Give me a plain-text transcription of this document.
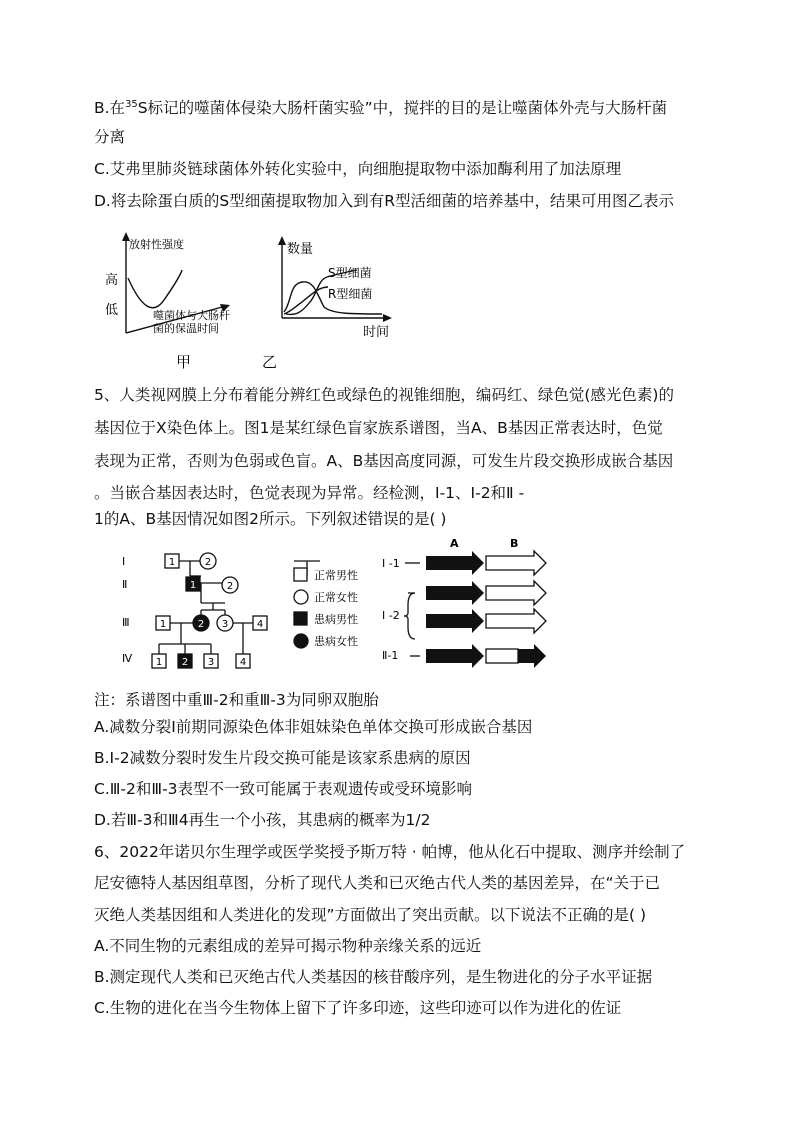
B.在$^{35}$S标记的噬菌体侵染大肠杆菌实验”中，搅拌的目的是让噬菌体外壳与大肠杆菌
分离
C.艾弗里肺炎链球菌体外转化实验中，向细胞提取物中添加酶利用了加法原理
D.将去除蛋白质的S型细菌提取物加入到有R型活细菌的培养基中，结果可用图乙表示
放射性强度
高
低	噬菌体与大肠杆
菌的保温时间
甲
数量
S型细菌
R型细菌
时间
乙
5、人类视网膜上分布着能分辨红色或绿色的视锥细胞，编码红、绿色觉(感光色素)的
基因位于X染色体上。图1是某红绿色盲家族系谱图，当A、B基因正常表达时，色觉
表现为正常，否则为色弱或色盲。A、B基因高度同源，可发生片段交换形成嵌合基因
。当嵌合基因表达时，色觉表现为异常。经检测，I-1、I-2和Ⅱ -
1的A、B基因情况如图2所示。下列叙述错误的是( )
I
Ⅱ
Ⅲ
Ⅳ
1	2
1	2
1	2 3	4
1 2 3	4
正常男性
正常女性
患病男性
患病女性
A	B
I -1
I -2
Ⅱ-1
注：系谱图中重Ⅲ-2和重Ⅲ-3为同卵双胞胎
A.减数分裂I前期同源染色体非姐妹染色单体交换可形成嵌合基因
B.I-2减数分裂时发生片段交换可能是该家系患病的原因
C.Ⅲ-2和Ⅲ-3表型不一致可能属于表观遗传或受环境影响
D.若Ⅲ-3和Ⅲ4再生一个小孩，其患病的概率为1/2
6、2022年诺贝尔生理学或医学奖授予斯万特 · 帕博，他从化石中提取、测序并绘制了
尼安德特人基因组草图，分析了现代人类和已灭绝古代人类的基因差异，在“关于已
灭绝人类基因组和人类进化的发现”方面做出了突出贡献。以下说法不正确的是( )
A.不同生物的元素组成的差异可揭示物种亲缘关系的远近
B.测定现代人类和已灭绝古代人类基因的核苷酸序列，是生物进化的分子水平证据
C.生物的进化在当今生物体上留下了许多印迹，这些印迹可以作为进化的佐证
